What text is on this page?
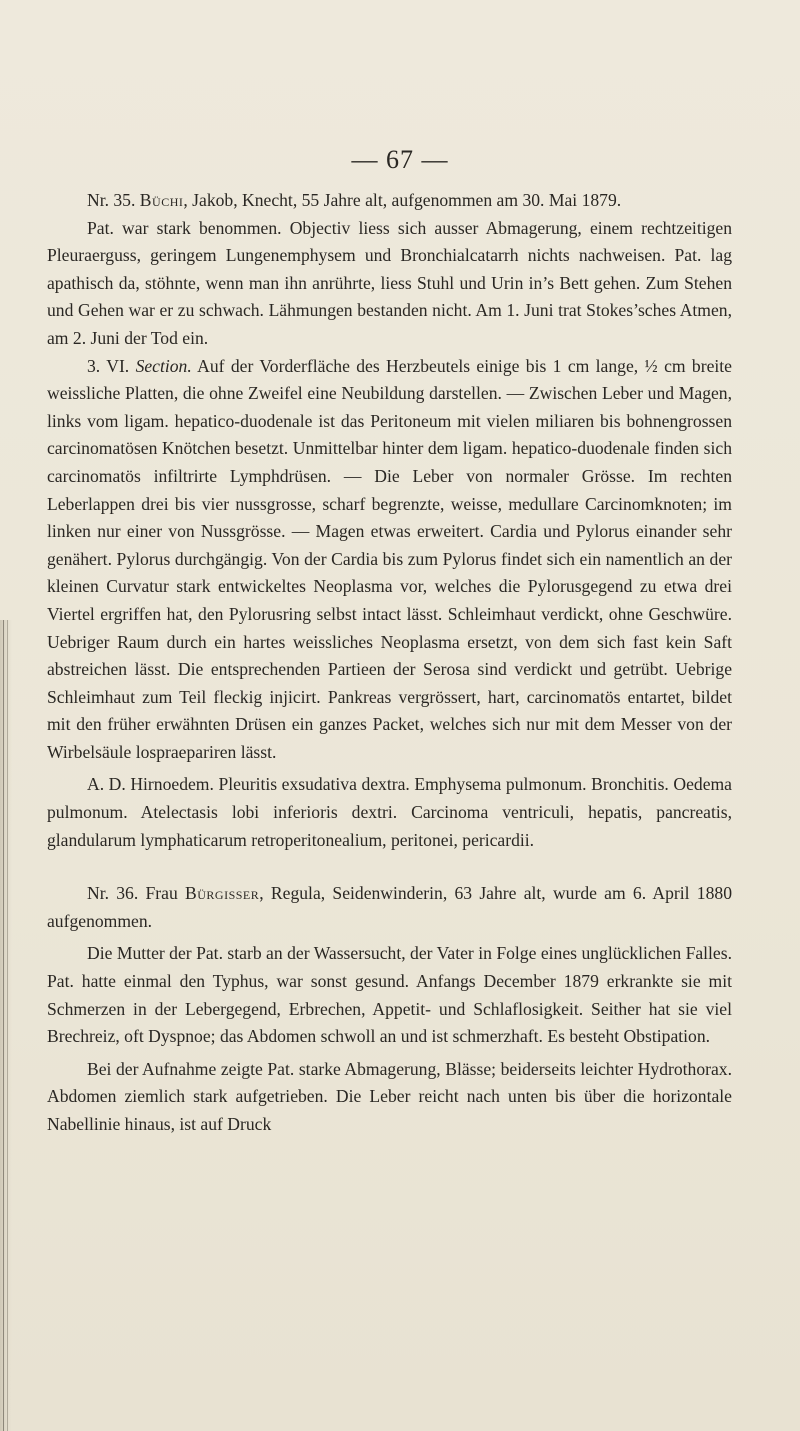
— 67 —

Nr. 35. Büchi, Jakob, Knecht, 55 Jahre alt, aufgenommen am 30. Mai 1879.

Pat. war stark benommen. Objectiv liess sich ausser Abmagerung, einem rechtzeitigen Pleuraerguss, geringem Lungenemphysem und Bronchialcatarrh nichts nachweisen. Pat. lag apathisch da, stöhnte, wenn man ihn anrührte, liess Stuhl und Urin in’s Bett gehen. Zum Stehen und Gehen war er zu schwach. Lähmungen bestanden nicht. Am 1. Juni trat Stokes’sches Atmen, am 2. Juni der Tod ein.

3. VI. Section. Auf der Vorderfläche des Herzbeutels einige bis 1 cm lange, ½ cm breite weissliche Platten, die ohne Zweifel eine Neubildung darstellen. — Zwischen Leber und Magen, links vom ligam. hepatico-duodenale ist das Peritoneum mit vielen miliaren bis bohnengrossen carcinomatösen Knötchen besetzt. Unmittelbar hinter dem ligam. hepatico-duodenale finden sich carcinomatös infiltrirte Lymphdrüsen. — Die Leber von normaler Grösse. Im rechten Leberlappen drei bis vier nussgrosse, scharf begrenzte, weisse, medullare Carcinomknoten; im linken nur einer von Nussgrösse. — Magen etwas erweitert. Cardia und Pylorus einander sehr genähert. Pylorus durchgängig. Von der Cardia bis zum Pylorus findet sich ein namentlich an der kleinen Curvatur stark entwickeltes Neoplasma vor, welches die Pylorusgegend zu etwa drei Viertel ergriffen hat, den Pylorusring selbst intact lässt. Schleimhaut verdickt, ohne Geschwüre. Uebriger Raum durch ein hartes weissliches Neoplasma ersetzt, von dem sich fast kein Saft abstreichen lässt. Die entsprechenden Partieen der Serosa sind verdickt und getrübt. Uebrige Schleimhaut zum Teil fleckig injicirt. Pankreas vergrössert, hart, carcinomatös entartet, bildet mit den früher erwähnten Drüsen ein ganzes Packet, welches sich nur mit dem Messer von der Wirbelsäule lospraepariren lässt.

A. D. Hirnoedem. Pleuritis exsudativa dextra. Emphysema pulmonum. Bronchitis. Oedema pulmonum. Atelectasis lobi inferioris dextri. Carcinoma ventriculi, hepatis, pancreatis, glandularum lymphaticarum retroperitonealium, peritonei, pericardii.

Nr. 36. Frau Bürgisser, Regula, Seidenwinderin, 63 Jahre alt, wurde am 6. April 1880 aufgenommen.

Die Mutter der Pat. starb an der Wassersucht, der Vater in Folge eines unglücklichen Falles. Pat. hatte einmal den Typhus, war sonst gesund. Anfangs December 1879 erkrankte sie mit Schmerzen in der Lebergegend, Erbrechen, Appetit- und Schlaflosigkeit. Seither hat sie viel Brechreiz, oft Dyspnoe; das Abdomen schwoll an und ist schmerzhaft. Es besteht Obstipation.

Bei der Aufnahme zeigte Pat. starke Abmagerung, Blässe; beiderseits leichter Hydrothorax. Abdomen ziemlich stark aufgetrieben. Die Leber reicht nach unten bis über die horizontale Nabellinie hinaus, ist auf Druck
